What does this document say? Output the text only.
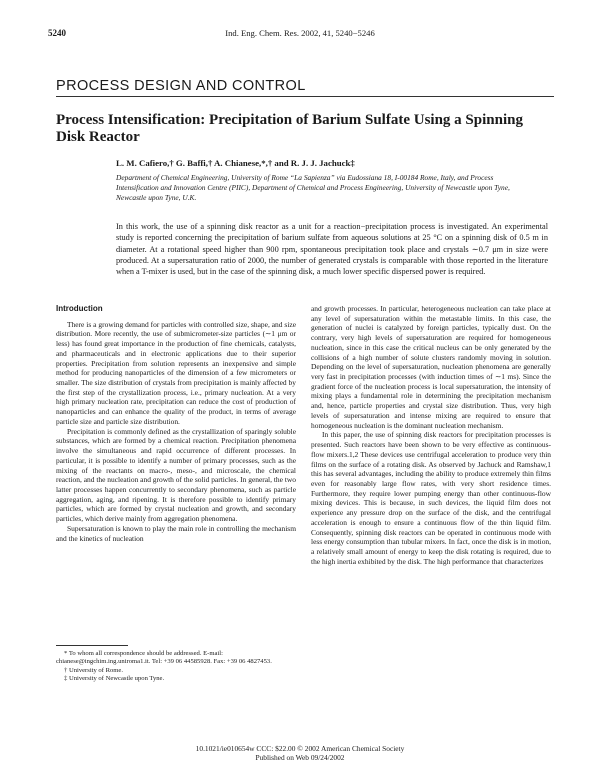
Ind. Eng. Chem. Res. 2002, 41, 5240−5246
5240
PROCESS DESIGN AND CONTROL
Process Intensification: Precipitation of Barium Sulfate Using a Spinning Disk Reactor
L. M. Cafiero,† G. Baffi,† A. Chianese,*,† and R. J. J. Jachuck‡
Department of Chemical Engineering, University of Rome “La Sapienza” via Eudossiana 18, I-00184 Rome, Italy, and Process Intensification and Innovation Centre (PIIC), Department of Chemical and Process Engineering, University of Newcastle upon Tyne, Newcastle upon Tyne, U.K.
In this work, the use of a spinning disk reactor as a unit for a reaction−precipitation process is investigated. An experimental study is reported concerning the precipitation of barium sulfate from aqueous solutions at 25 °C on a spinning disk of 0.5 m in diameter. At a rotational speed higher than 900 rpm, spontaneous precipitation took place and crystals ∼0.7 μm in size were produced. At a supersaturation ratio of 2000, the number of generated crystals is comparable with those reported in the literature when a T-mixer is used, but in the case of the spinning disk, a much lower specific dispersed power is required.
Introduction

There is a growing demand for particles with controlled size, shape, and size distribution. More recently, the use of submicrometer-size particles (∼1 μm or less) has found great importance in the production of fine chemicals, catalysts, and pharmaceuticals and in electronic applications due to their superior properties. Precipitation from solution represents an inexpensive and simple method for producing nanoparticles of the dimension of a few micrometers or smaller. The size distribution of crystals from precipitation is mainly affected by the first step of the crystallization process, i.e., primary nucleation. At a very high primary nucleation rate, precipitation can reduce the cost of production of nanoparticles and can enhance the quality of the product, in terms of average particle size and particle size distribution.

Precipitation is commonly defined as the crystallization of sparingly soluble substances, which are formed by a chemical reaction. Precipitation phenomena involve the simultaneous and rapid occurrence of different processes. In particular, it is possible to identify a number of primary processes, such as the mixing of the reactants on macro-, meso-, and microscale, the chemical reaction, and the nucleation and growth of the solid particles. In general, the two latter processes happen concurrently to secondary phenomena, such as particle aggregation, aging, and ripening. It is therefore possible to identify primary particles, which are formed by crystal nucleation and growth, and secondary particles, which derive mainly from aggregation phenomena.

Supersaturation is known to play the main role in controlling the mechanism and the kinetics of nucleation

and growth processes. In particular, heterogeneous nucleation can take place at any level of supersaturation within the metastable limits. In this case, the generation of nuclei is catalyzed by foreign particles, typically dust. On the contrary, very high levels of supersaturation are required for homogeneous nucleation, since in this case the critical nucleus can be only generated by the collisions of a high number of solute clusters randomly moving in solution. Depending on the level of supersaturation, nucleation phenomena are generally very fast in precipitation processes (with induction times of ∼1 ms). Since the gradient force of the nucleation process is local supersaturation, the intensity of mixing plays a fundamental role in determining the precipitation mechanism and, hence, particle properties and crystal size distribution. Thus, very high levels of supersaturation and intense mixing are required to ensure that homogeneous nucleation is the dominant nucleation mechanism.

In this paper, the use of spinning disk reactors for precipitation processes is presented. Such reactors have been shown to be very effective as continuous-flow mixers.1,2 These devices use centrifugal acceleration to produce very thin films on the surface of a rotating disk. As observed by Jachuck and Ramshaw,1 this has several advantages, including the ability to produce extremely thin films even for reasonably large flow rates, with very short residence times. Furthermore, they require lower pumping energy than other continuous-flow mixing devices. This is because, in such devices, the liquid film does not experience any pressure drop on the surface of the disk, and the centrifugal acceleration is enough to ensure a continuous flow of the thin liquid film. Consequently, spinning disk reactors can be operated in continuous mode with less energy consumption than tubular mixers. In fact, once the disk is in motion, a relatively small amount of energy to keep the disk rotating is required, due to the high inertia exhibited by the disk. The high performance that characterizes

* To whom all correspondence should be addressed. E-mail: chianese@ingchim.ing.uniroma1.it. Tel: +39 06 44585928. Fax: +39 06 4827453.
† University of Rome.
‡ University of Newcastle upon Tyne.
10.1021/ie010654w CCC: $22.00 © 2002 American Chemical Society
Published on Web 09/24/2002
